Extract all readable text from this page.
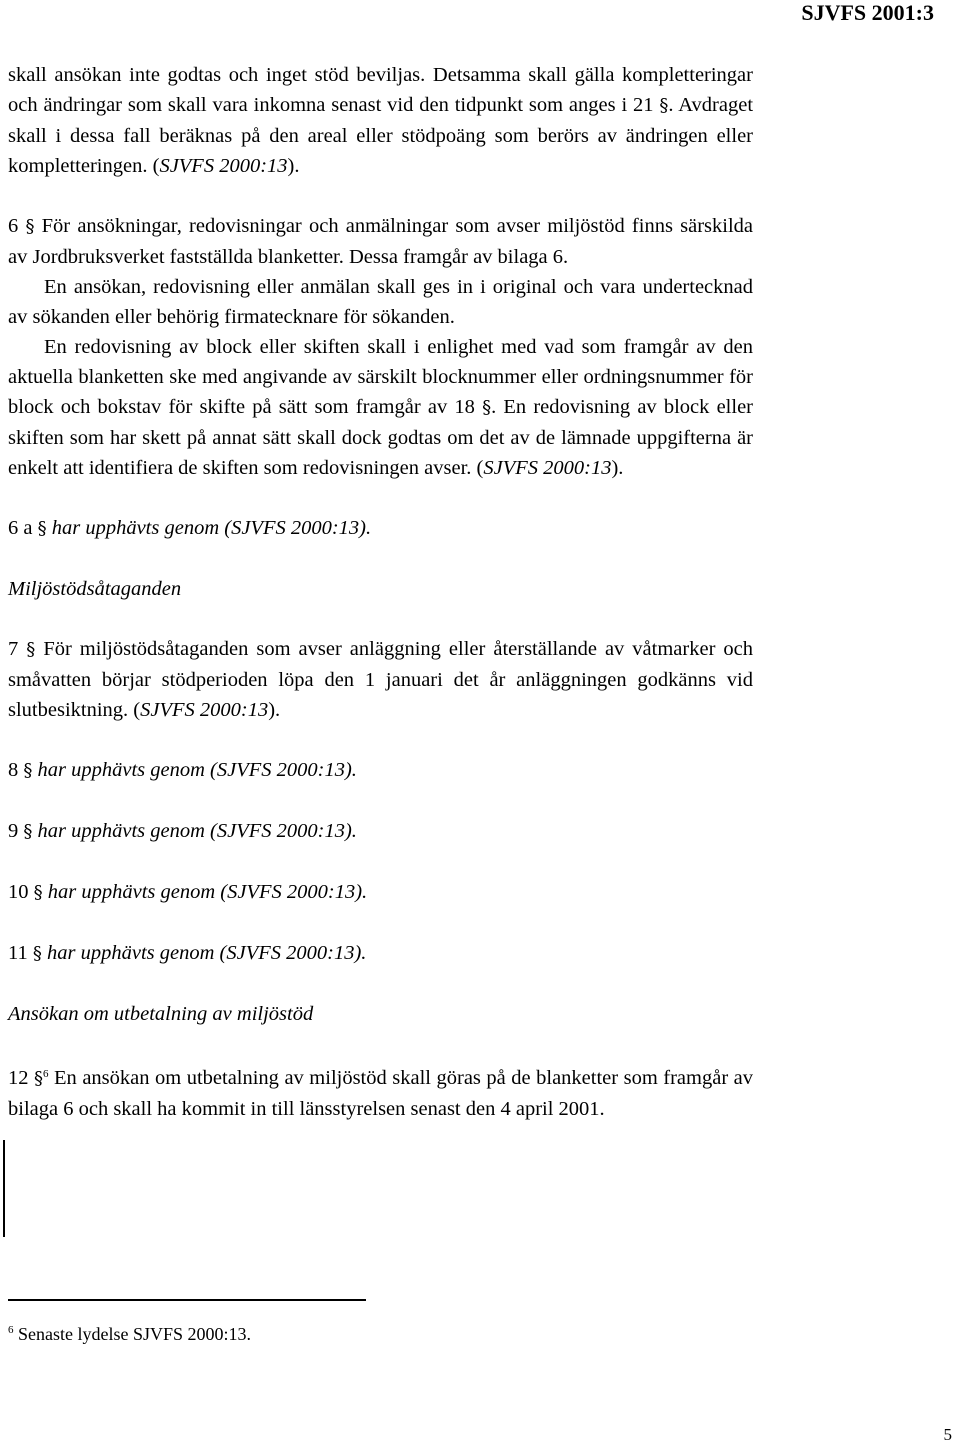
SJVFS 2001:3

skall ansökan inte godtas och inget stöd beviljas. Detsamma skall gälla kompletteringar och ändringar som skall vara inkomna senast vid den tidpunkt som anges i 21 §. Avdraget skall i dessa fall beräknas på den areal eller stödpoäng som berörs av ändringen eller kompletteringen. (SJVFS 2000:13).

6 § För ansökningar, redovisningar och anmälningar som avser miljöstöd finns särskilda av Jordbruksverket fastställda blanketter. Dessa framgår av bilaga 6.

En ansökan, redovisning eller anmälan skall ges in i original och vara undertecknad av sökanden eller behörig firmatecknare för sökanden.

En redovisning av block eller skiften skall i enlighet med vad som framgår av den aktuella blanketten ske med angivande av särskilt blocknummer eller ordningsnummer för block och bokstav för skifte på sätt som framgår av 18 §. En redovisning av block eller skiften som har skett på annat sätt skall dock godtas om det av de lämnade uppgifterna är enkelt att identifiera de skiften som redovisningen avser. (SJVFS 2000:13).

6 a § har upphävts genom (SJVFS 2000:13).

Miljöstödsåtaganden

7 § För miljöstödsåtaganden som avser anläggning eller återställande av våtmarker och småvatten börjar stödperioden löpa den 1 januari det år anläggningen godkänns vid slutbesiktning. (SJVFS 2000:13).

8 § har upphävts genom (SJVFS 2000:13).

9 § har upphävts genom (SJVFS 2000:13).

10 § har upphävts genom (SJVFS 2000:13).

11 § har upphävts genom (SJVFS 2000:13).

Ansökan om utbetalning av miljöstöd

12 §$^6$ En ansökan om utbetalning av miljöstöd skall göras på de blanketter som framgår av bilaga 6 och skall ha kommit in till länsstyrelsen senast den 4 april 2001.

$^6$ Senaste lydelse SJVFS 2000:13.
5
